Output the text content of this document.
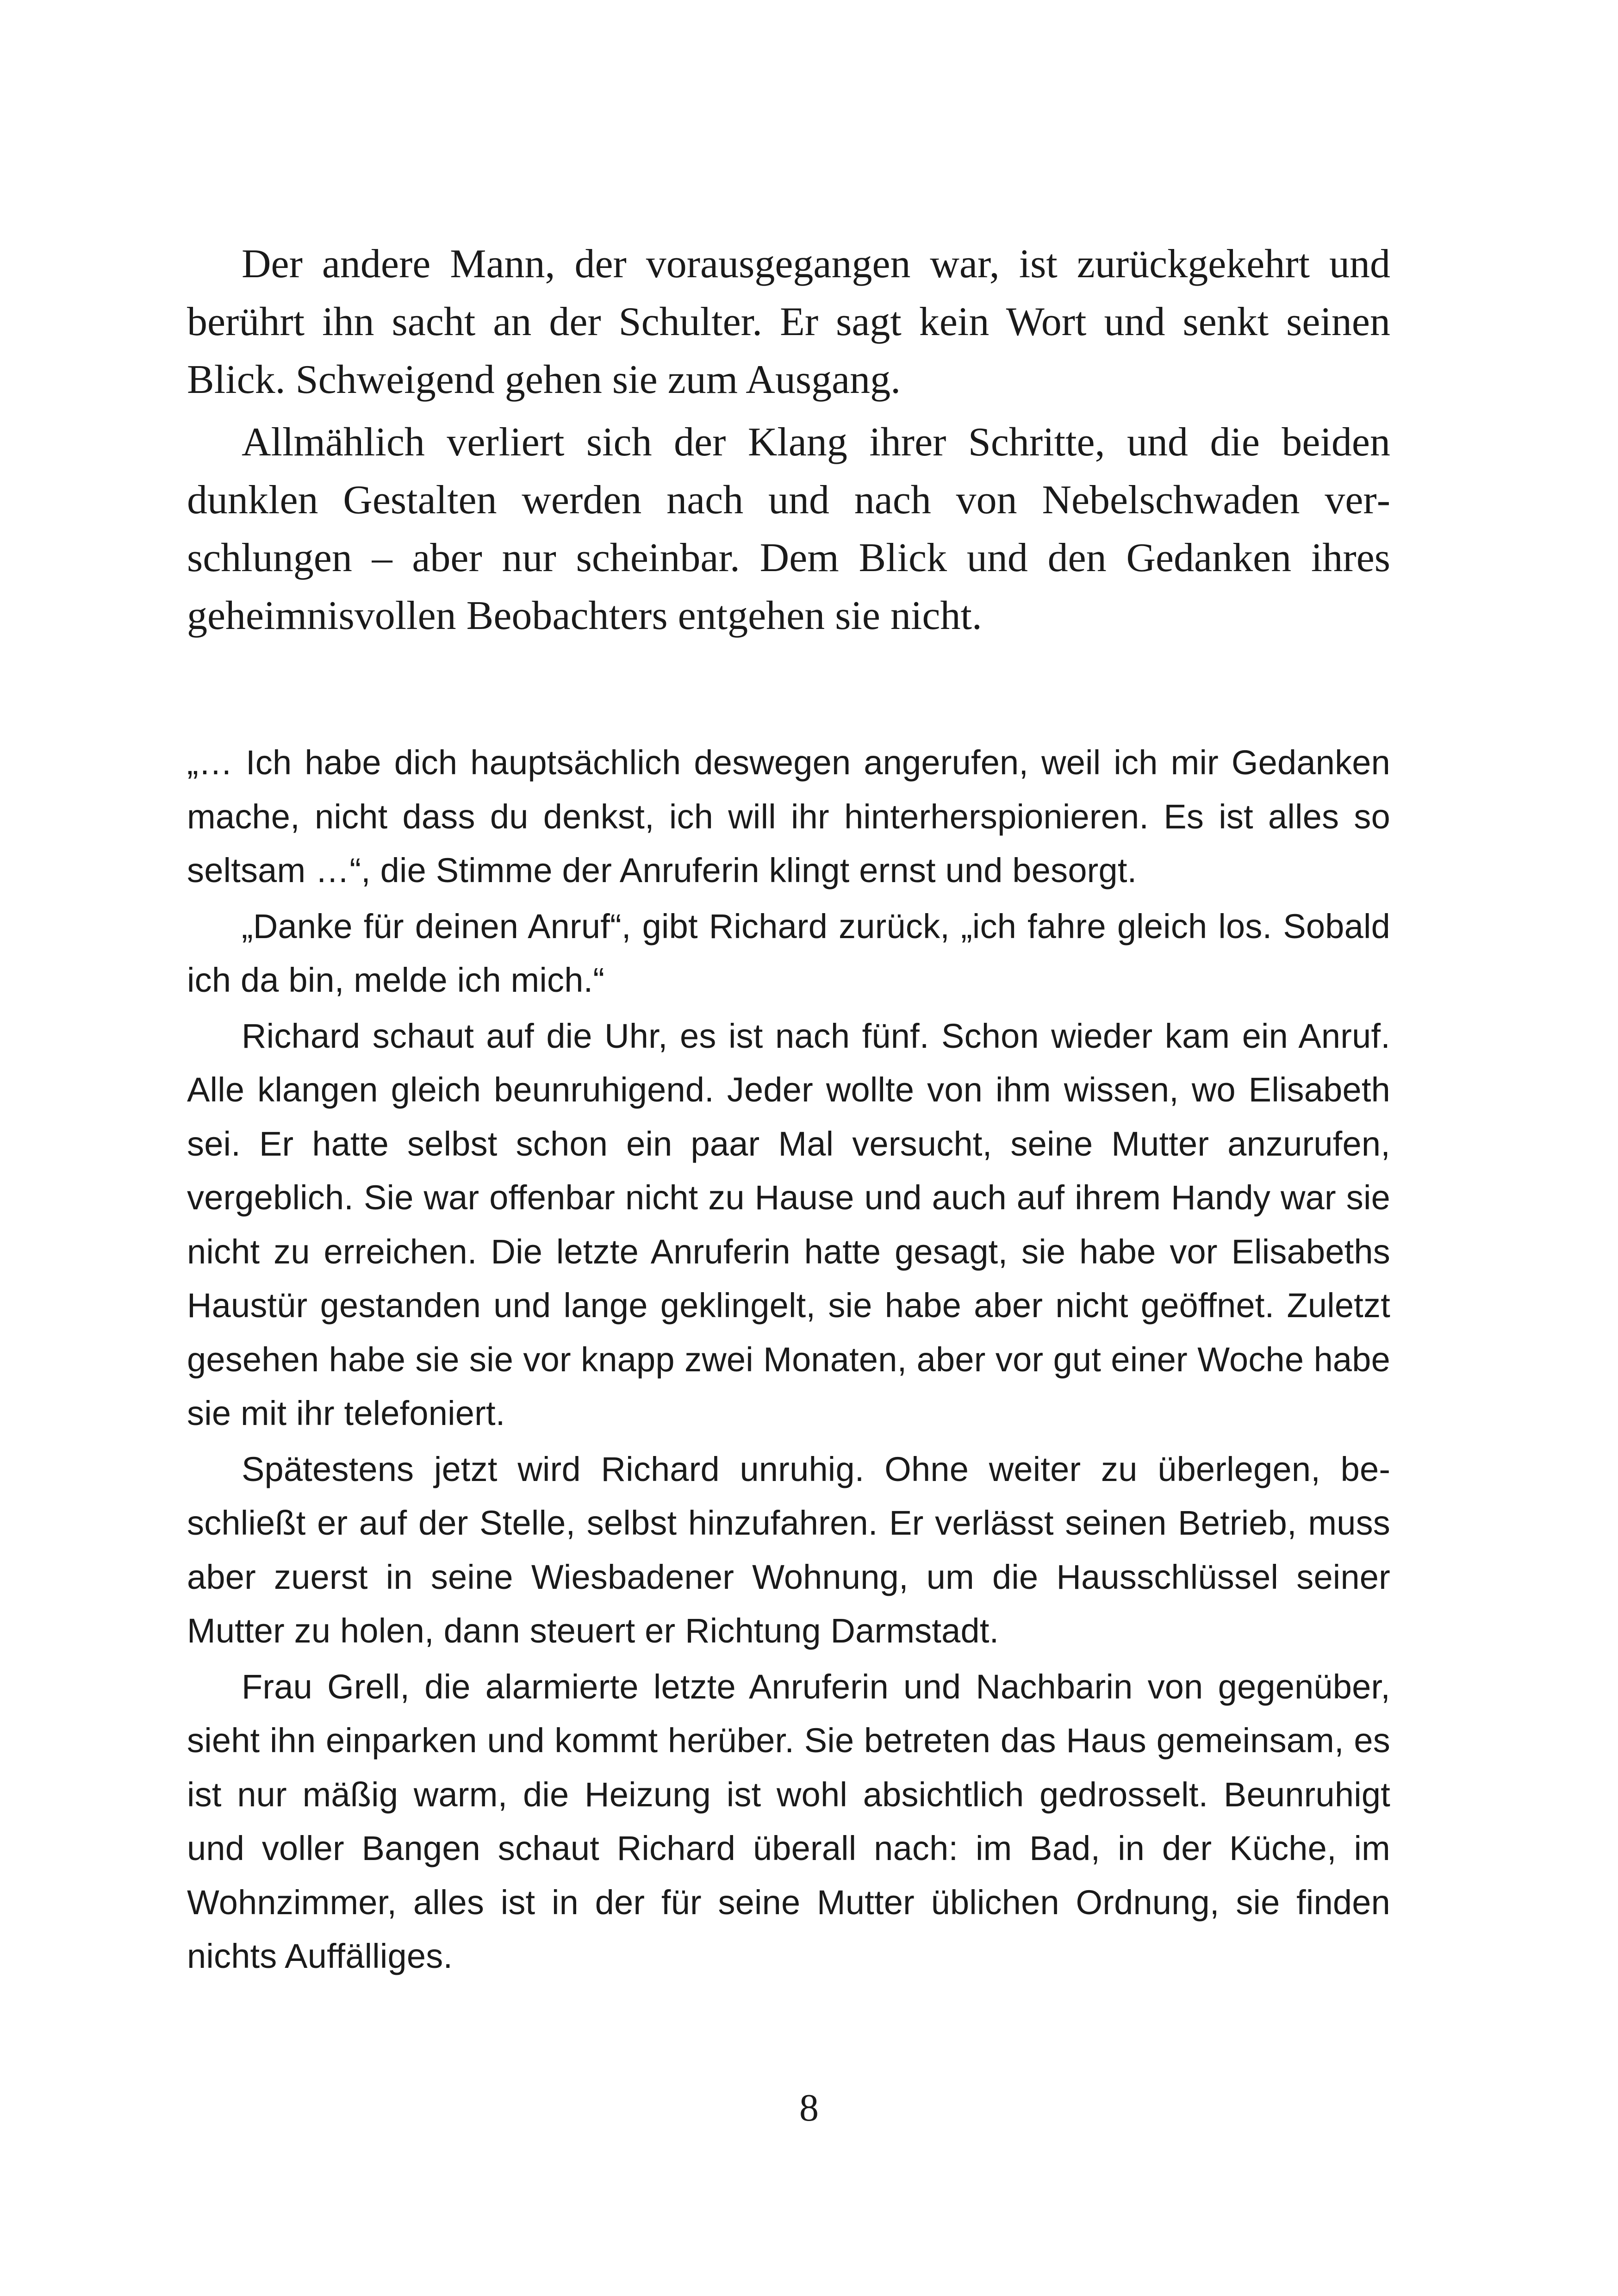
Der andere Mann, der vorausgegangen war, ist zurückgekehrt und berührt ihn sacht an der Schulter. Er sagt kein Wort und senkt seinen Blick. Schweigend gehen sie zum Ausgang.

Allmählich verliert sich der Klang ihrer Schritte, und die beiden dunklen Gestalten werden nach und nach von Nebelschwaden verschlungen – aber nur scheinbar. Dem Blick und den Gedanken ihres geheimnisvollen Beobachters entgehen sie nicht.

„… Ich habe dich hauptsächlich deswegen angerufen, weil ich mir Gedanken mache, nicht dass du denkst, ich will ihr hinterherspionieren. Es ist alles so seltsam …“, die Stimme der Anruferin klingt ernst und besorgt.

„Danke für deinen Anruf“, gibt Richard zurück, „ich fahre gleich los. Sobald ich da bin, melde ich mich.“

Richard schaut auf die Uhr, es ist nach fünf. Schon wieder kam ein Anruf. Alle klangen gleich beunruhigend. Jeder wollte von ihm wissen, wo Elisabeth sei. Er hatte selbst schon ein paar Mal versucht, seine Mutter anzurufen, vergeblich. Sie war offenbar nicht zu Hause und auch auf ihrem Handy war sie nicht zu erreichen. Die letzte Anruferin hatte gesagt, sie habe vor Elisabeths Haustür gestanden und lange geklingelt, sie habe aber nicht geöffnet. Zuletzt gesehen habe sie sie vor knapp zwei Monaten, aber vor gut einer Woche habe sie mit ihr telefoniert.

Spätestens jetzt wird Richard unruhig. Ohne weiter zu überlegen, beschließt er auf der Stelle, selbst hinzufahren. Er verlässt seinen Betrieb, muss aber zuerst in seine Wiesbadener Wohnung, um die Hausschlüssel seiner Mutter zu holen, dann steuert er Richtung Darmstadt.

Frau Grell, die alarmierte letzte Anruferin und Nachbarin von gegenüber, sieht ihn einparken und kommt herüber. Sie betreten das Haus gemeinsam, es ist nur mäßig warm, die Heizung ist wohl absichtlich gedrosselt. Beunruhigt und voller Bangen schaut Richard überall nach: im Bad, in der Küche, im Wohnzimmer, alles ist in der für seine Mutter üblichen Ordnung, sie finden nichts Auffälliges.

8
